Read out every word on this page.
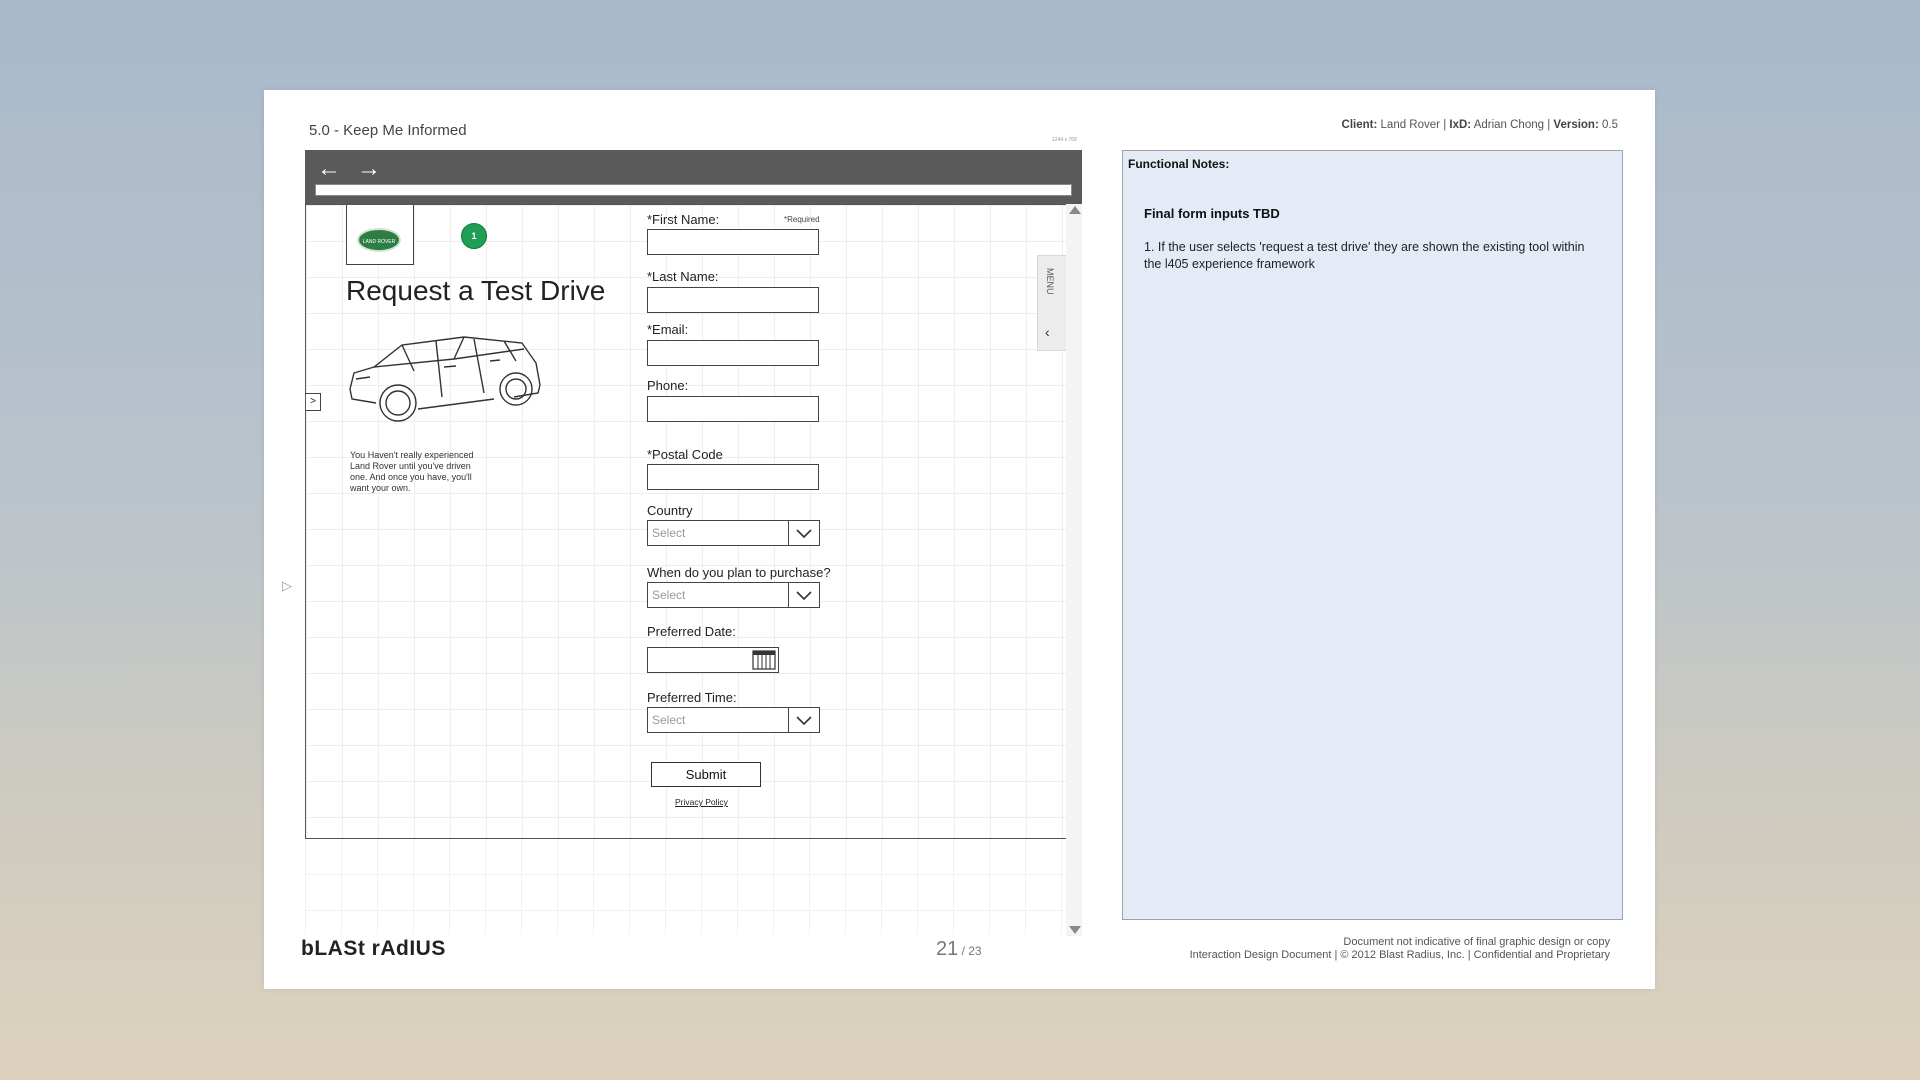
5.0 - Keep Me Informed	Client: Land Rover | IxD: Adrian Chong | Version: 0.5
1244 x 768
← →
LAND ROVER
1
Request a Test Drive
>
You Haven't really experienced Land Rover until you've driven one. And once you have, you'll want your own.
*Required
*First Name:
*Last Name:
*Email:
Phone:
*Postal Code
Country
Select
When do you plan to purchase?
Select
Preferred Date:
Preferred Time:
Select
Submit
Privacy Policy
MENU
‹
▷
Functional Notes:
Final form inputs TBD
1. If the user selects 'request a test drive' they are shown the existing tool within the l405 experience framework
bLASt rAdIUS	21 / 23
Document not indicative of final graphic design or copy
Interaction Design Document | © 2012 Blast Radius, Inc. | Confidential and Proprietary
